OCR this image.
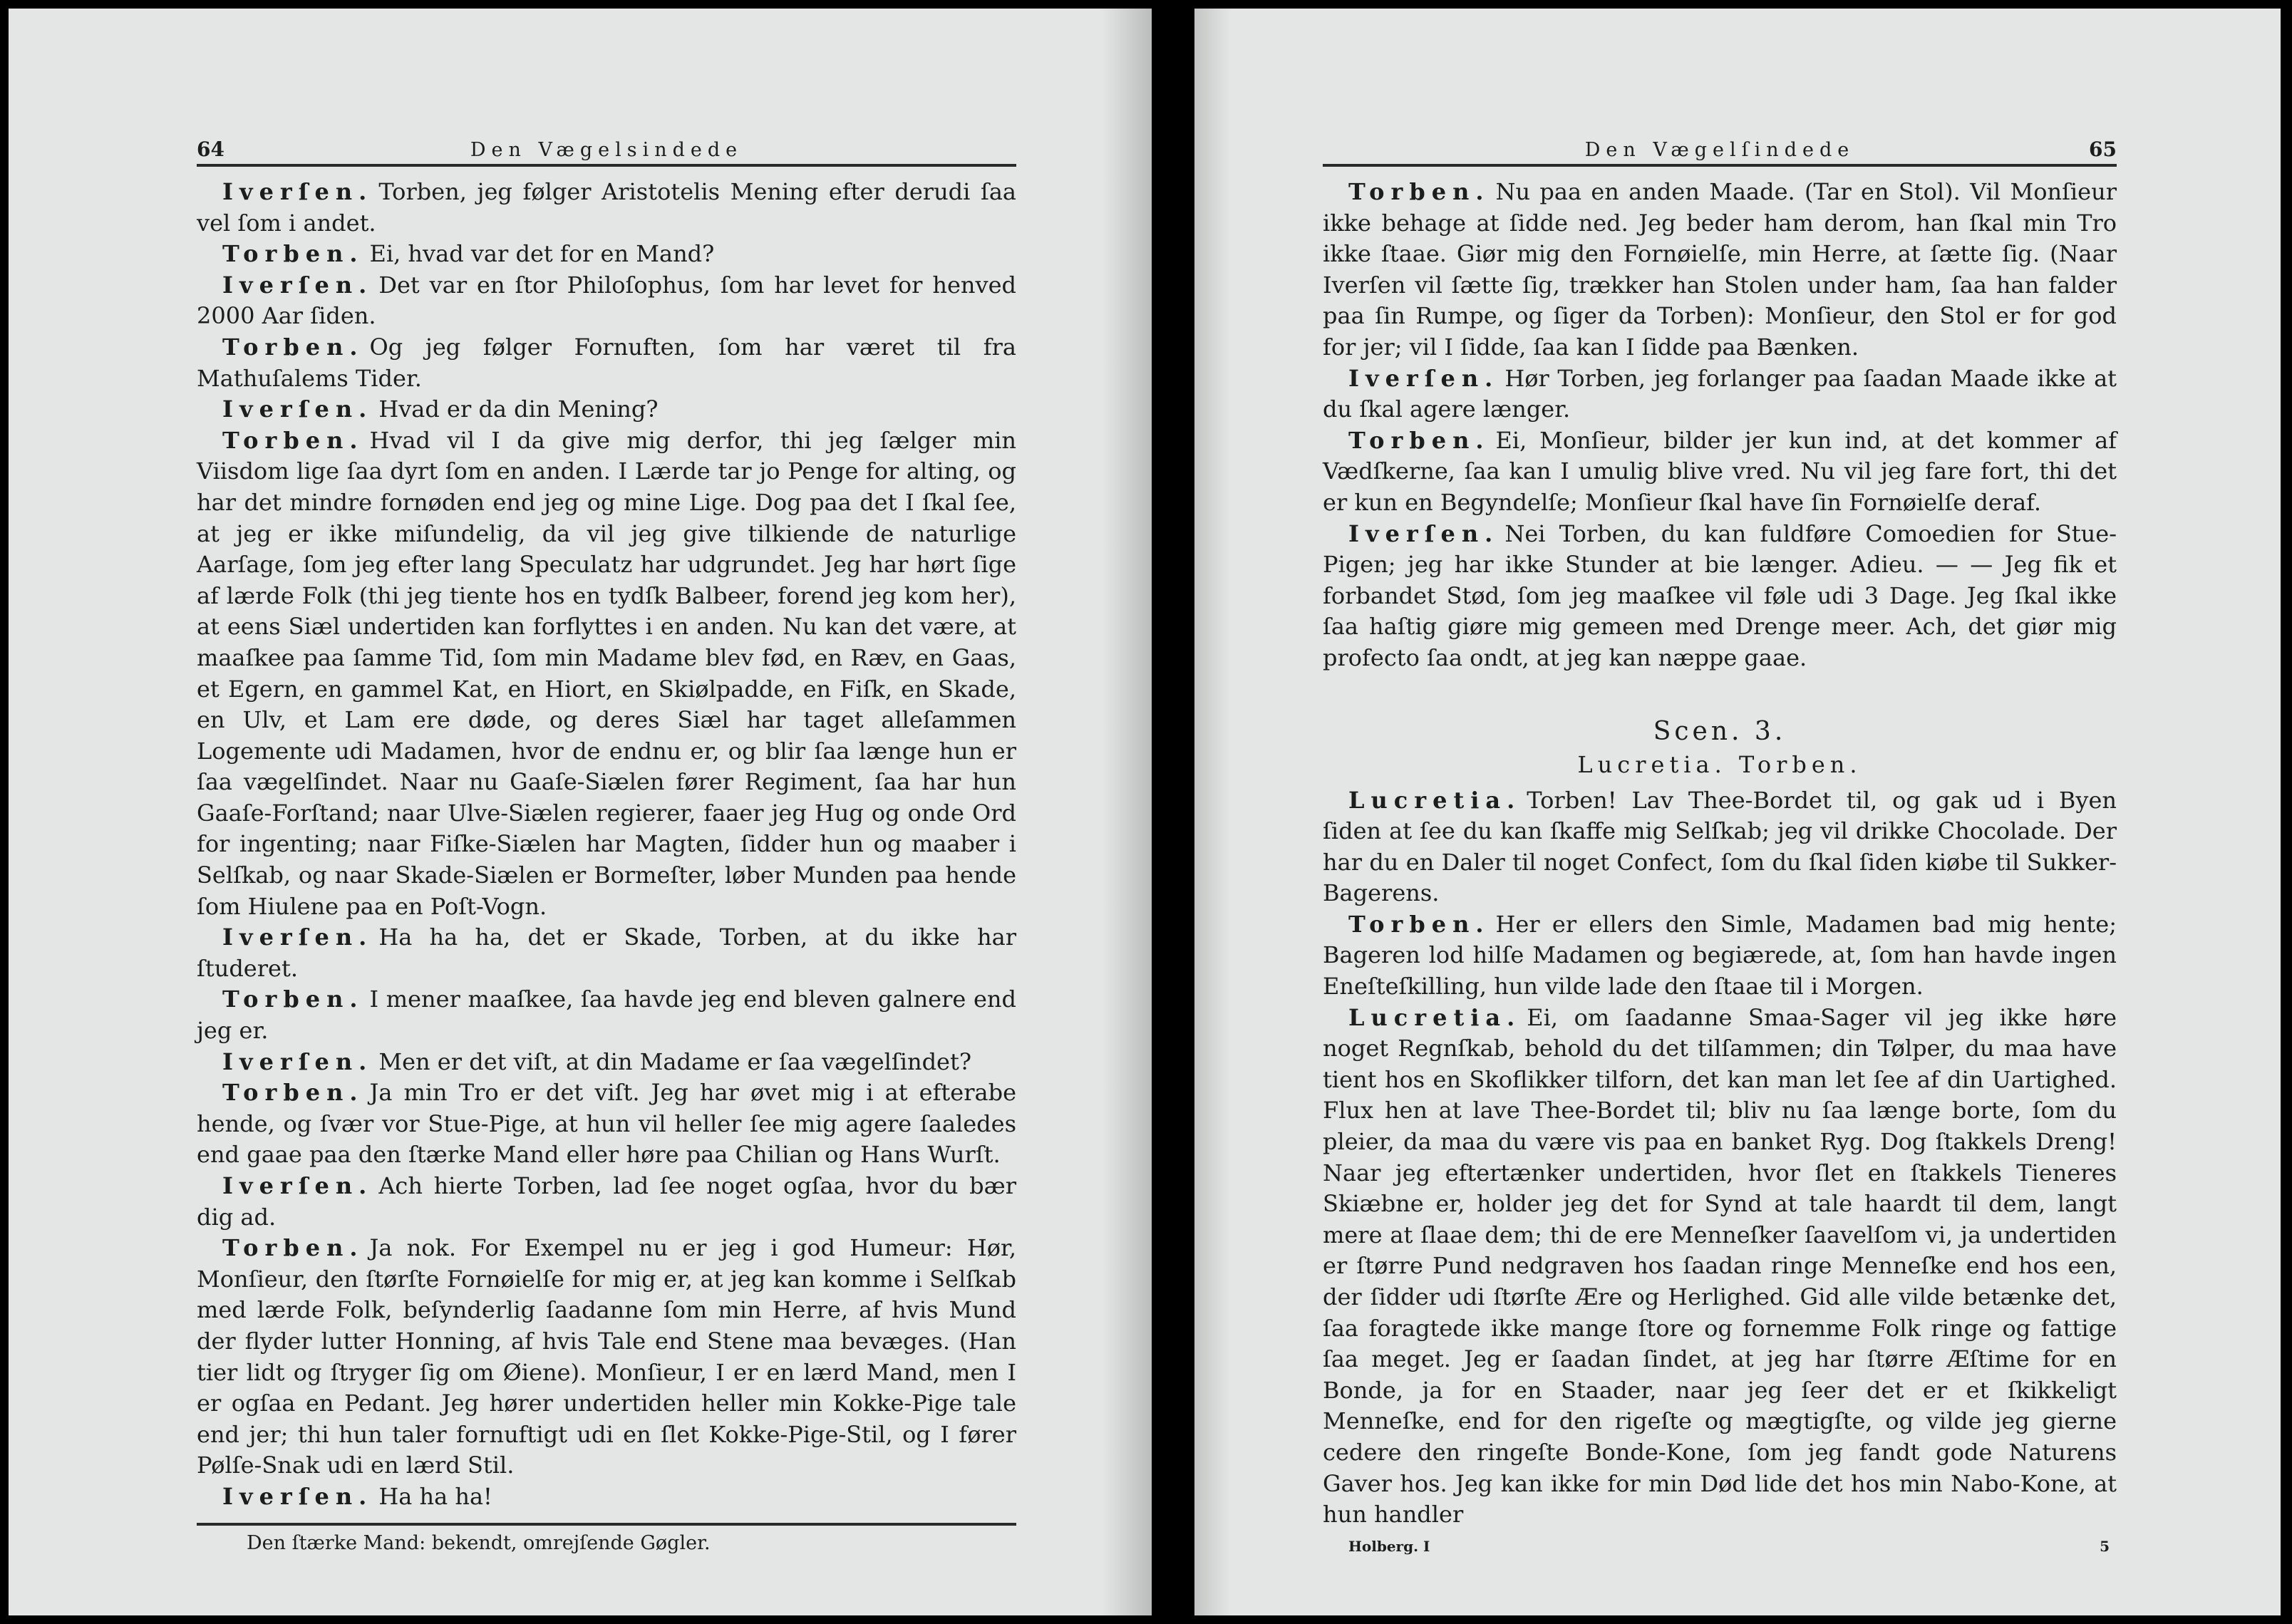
64	Den Vægelsindede

Iverſen. Torben, jeg følger Aristotelis Mening efter derudi ſaa vel ſom i andet.

Torben. Ei, hvad var det for en Mand?

Iverſen. Det var en ſtor Philoſophus, ſom har levet for henved 2000 Aar ſiden.

Torben. Og jeg følger Fornuften, ſom har været til fra Mathuſalems Tider.

Iverſen. Hvad er da din Mening?

Torben. Hvad vil I da give mig derfor, thi jeg ſælger min Viisdom lige ſaa dyrt ſom en anden. I Lærde tar jo Penge for alting, og har det mindre fornøden end jeg og mine Lige. Dog paa det I ſkal ſee, at jeg er ikke miſundelig, da vil jeg give tilkiende de naturlige Aarſage, ſom jeg efter lang Speculatz har udgrundet. Jeg har hørt ſige af lærde Folk (thi jeg tiente hos en tydſk Balbeer, forend jeg kom her), at eens Siæl undertiden kan forflyttes i en anden. Nu kan det være, at maaſkee paa ſamme Tid, ſom min Madame blev fød, en Ræv, en Gaas, et Egern, en gammel Kat, en Hiort, en Skiølpadde, en Fiſk, en Skade, en Ulv, et Lam ere døde, og deres Siæl har taget alleſammen Logemente udi Madamen, hvor de endnu er, og blir ſaa længe hun er ſaa vægelſindet. Naar nu Gaaſe-Siælen fører Regiment, ſaa har hun Gaaſe-Forſtand; naar Ulve-Siælen regierer, faaer jeg Hug og onde Ord for ingenting; naar Fiſke-Siælen har Magten, ſidder hun og maaber i Selſkab, og naar Skade-Siælen er Bormeſter, løber Munden paa hende ſom Hiulene paa en Poſt-Vogn.

Iverſen. Ha ha ha, det er Skade, Torben, at du ikke har ſtuderet.

Torben. I mener maaſkee, ſaa havde jeg end bleven galnere end jeg er.

Iverſen. Men er det viſt, at din Madame er ſaa vægelſindet?

Torben. Ja min Tro er det viſt. Jeg har øvet mig i at efterabe hende, og ſvær vor Stue-Pige, at hun vil heller ſee mig agere ſaaledes end gaae paa den ſtærke Mand eller høre paa Chilian og Hans Wurſt.

Iverſen. Ach hierte Torben, lad ſee noget ogſaa, hvor du bær dig ad.

Torben. Ja nok. For Exempel nu er jeg i god Humeur: Hør, Monſieur, den ſtørſte Fornøielſe for mig er, at jeg kan komme i Selſkab med lærde Folk, beſynderlig ſaadanne ſom min Herre, af hvis Mund der flyder lutter Honning, af hvis Tale end Stene maa bevæges. (Han tier lidt og ſtryger ſig om Øiene). Monſieur, I er en lærd Mand, men I er ogſaa en Pedant. Jeg hører undertiden heller min Kokke-Pige tale end jer; thi hun taler fornuftigt udi en ſlet Kokke-Pige-Stil, og I fører Pølſe-Snak udi en lærd Stil.

Iverſen. Ha ha ha!

Den ſtærke Mand: bekendt, omrejſende Gøgler.
Den Vægelſindede	65

Torben. Nu paa en anden Maade. (Tar en Stol). Vil Monſieur ikke behage at ſidde ned. Jeg beder ham derom, han ſkal min Tro ikke ſtaae. Giør mig den Fornøielſe, min Herre, at ſætte ſig. (Naar Iverſen vil ſætte ſig, trækker han Stolen under ham, ſaa han falder paa ſin Rumpe, og ſiger da Torben): Monſieur, den Stol er for god for jer; vil I ſidde, ſaa kan I ſidde paa Bænken.

Iverſen. Hør Torben, jeg forlanger paa ſaadan Maade ikke at du ſkal agere længer.

Torben. Ei, Monſieur, bilder jer kun ind, at det kommer af Vædſkerne, ſaa kan I umulig blive vred. Nu vil jeg fare fort, thi det er kun en Begyndelſe; Monſieur ſkal have ſin Fornøielſe deraf.

Iverſen. Nei Torben, du kan fuldføre Comoedien for Stue-Pigen; jeg har ikke Stunder at bie længer. Adieu. — — Jeg fik et forbandet Stød, ſom jeg maaſkee vil føle udi 3 Dage. Jeg ſkal ikke ſaa haſtig giøre mig gemeen med Drenge meer. Ach, det giør mig profecto ſaa ondt, at jeg kan næppe gaae.

Scen. 3.
Lucretia. Torben.

Lucretia. Torben! Lav Thee-Bordet til, og gak ud i Byen ſiden at ſee du kan ſkaffe mig Selſkab; jeg vil drikke Chocolade. Der har du en Daler til noget Confect, ſom du ſkal ſiden kiøbe til Sukker-Bagerens.

Torben. Her er ellers den Simle, Madamen bad mig hente; Bageren lod hilſe Madamen og begiærede, at, ſom han havde ingen Eneſteſkilling, hun vilde lade den ſtaae til i Morgen.

Lucretia. Ei, om ſaadanne Smaa-Sager vil jeg ikke høre noget Regnſkab, behold du det tilſammen; din Tølper, du maa have tient hos en Skoflikker tilforn, det kan man let ſee af din Uartighed. Flux hen at lave Thee-Bordet til; bliv nu ſaa længe borte, ſom du pleier, da maa du være vis paa en banket Ryg. Dog ſtakkels Dreng! Naar jeg eftertænker undertiden, hvor ſlet en ſtakkels Tieneres Skiæbne er, holder jeg det for Synd at tale haardt til dem, langt mere at ſlaae dem; thi de ere Menneſker ſaavelſom vi, ja undertiden er ſtørre Pund nedgraven hos ſaadan ringe Menneſke end hos een, der ſidder udi ſtørſte Ære og Herlighed. Gid alle vilde betænke det, ſaa foragtede ikke mange ſtore og fornemme Folk ringe og fattige ſaa meget. Jeg er ſaadan ſindet, at jeg har ſtørre Æſtime for en Bonde, ja for en Staader, naar jeg ſeer det er et ſkikkeligt Menneſke, end for den rigeſte og mægtigſte, og vilde jeg gierne cedere den ringeſte Bonde-Kone, ſom jeg fandt gode Naturens Gaver hos. Jeg kan ikke for min Død lide det hos min Nabo-Kone, at hun handler

Holberg. I	5
